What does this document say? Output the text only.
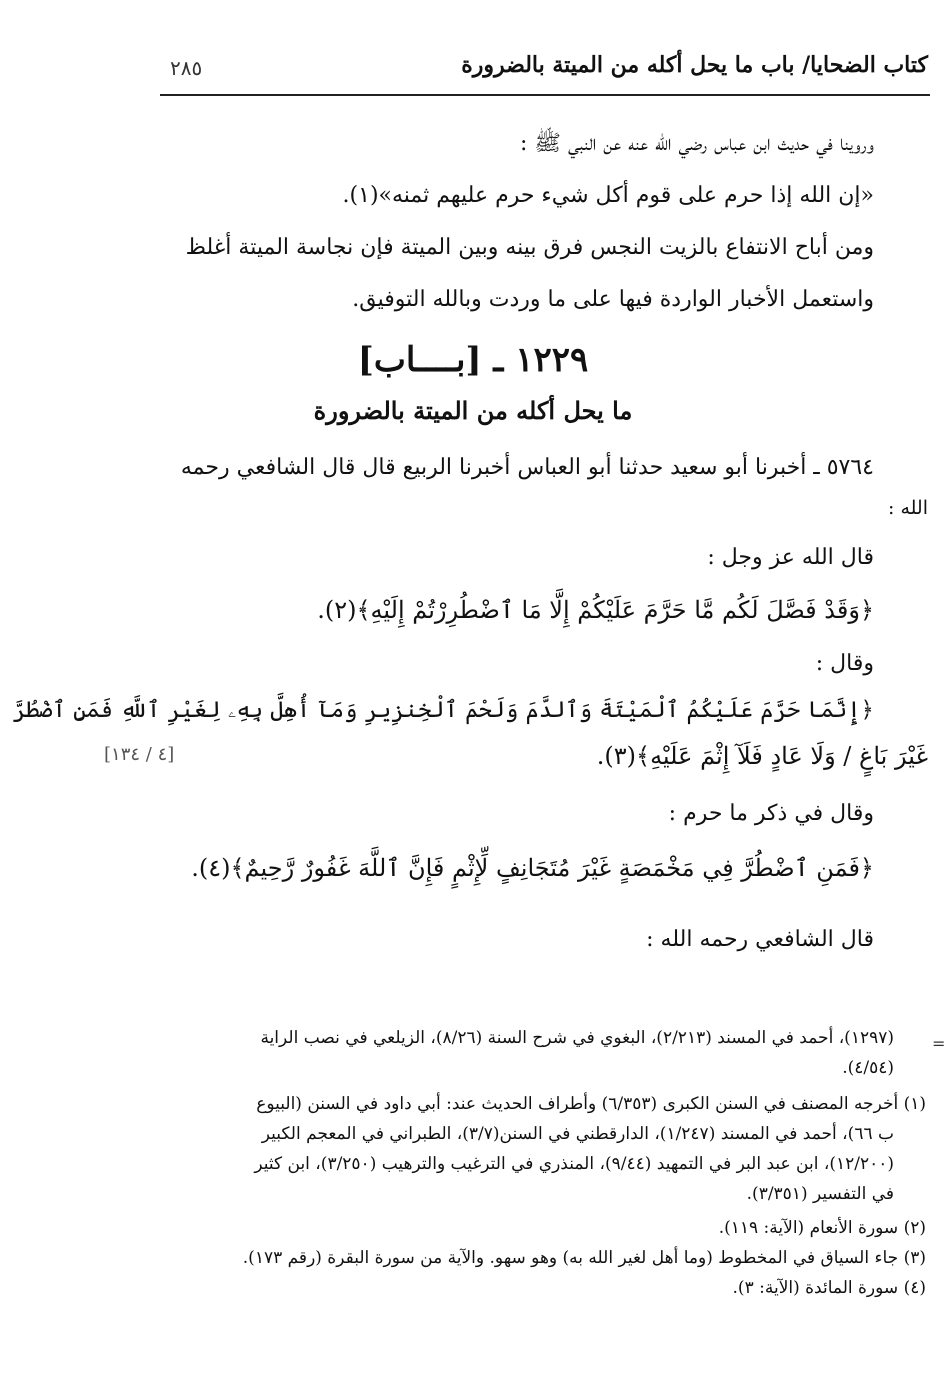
كتاب الضحايا/ باب ما يحل أكله من الميتة بالضرورة
٢٨٥
وروينا في حديث ابن عباس رضي الله عنه عن النبي ﷺ :
«إن الله إذا حرم على قوم أكل شيء حرم عليهم ثمنه»(١).
ومن أباح الانتفاع بالزيت النجس فرق بينه وبين الميتة فإن نجاسة الميتة أغلظ
واستعمل الأخبار الواردة فيها على ما وردت وبالله التوفيق.
١٢٢٩ ـ [بــــاب]
ما يحل أكله من الميتة بالضرورة
٥٧٦٤ ـ أخبرنا أبو سعيد حدثنا أبو العباس أخبرنا الربيع قال قال الشافعي رحمه
الله :
قال الله عز وجل :
﴿وَقَدْ فَصَّلَ لَكُم مَّا حَرَّمَ عَلَيْكُمْ إِلَّا مَا ٱضْطُرِرْتُمْ إِلَيْهِ﴾(٢).
وقال :
﴿إِنَّمَا حَرَّمَ عَلَيْكُمُ ٱلْمَيْتَةَ وَٱلدَّمَ وَلَحْمَ ٱلْخِنزِيرِ وَمَآ أُهِلَّ بِهِۦ لِغَيْرِ ٱللَّهِ فَمَنِ ٱضْطُرَّ
غَيْرَ بَاغٍ / وَلَا عَادٍ فَلَآ إِثْمَ عَلَيْهِ﴾(٣).
[٤ / ١٣٤]
وقال في ذكر ما حرم :
﴿فَمَنِ ٱضْطُرَّ فِي مَخْمَصَةٍ غَيْرَ مُتَجَانِفٍ لِّإِثْمٍ فَإِنَّ ٱللَّهَ غَفُورٌ رَّحِيمٌ﴾(٤).
قال الشافعي رحمه الله :
=
(١٢٩٧)، أحمد في المسند (٢/٢١٣)، البغوي في شرح السنة (٨/٢٦)، الزيلعي في نصب الراية
(٤/٥٤).
(١) أخرجه المصنف في السنن الكبرى (٦/٣٥٣) وأطراف الحديث عند: أبي داود في السنن (البيوع
ب ٦٦)، أحمد في المسند (١/٢٤٧)، الدارقطني في السنن(٣/٧)، الطبراني في المعجم الكبير
(١٢/٢٠٠)، ابن عبد البر في التمهيد (٩/٤٤)، المنذري في الترغيب والترهيب (٣/٢٥٠)، ابن كثير
في التفسير (٣/٣٥١).
(٢) سورة الأنعام (الآية: ١١٩).
(٣) جاء السياق في المخطوط (وما أهل لغير الله به) وهو سهو. والآية من سورة البقرة (رقم ١٧٣).
(٤) سورة المائدة (الآية: ٣).
